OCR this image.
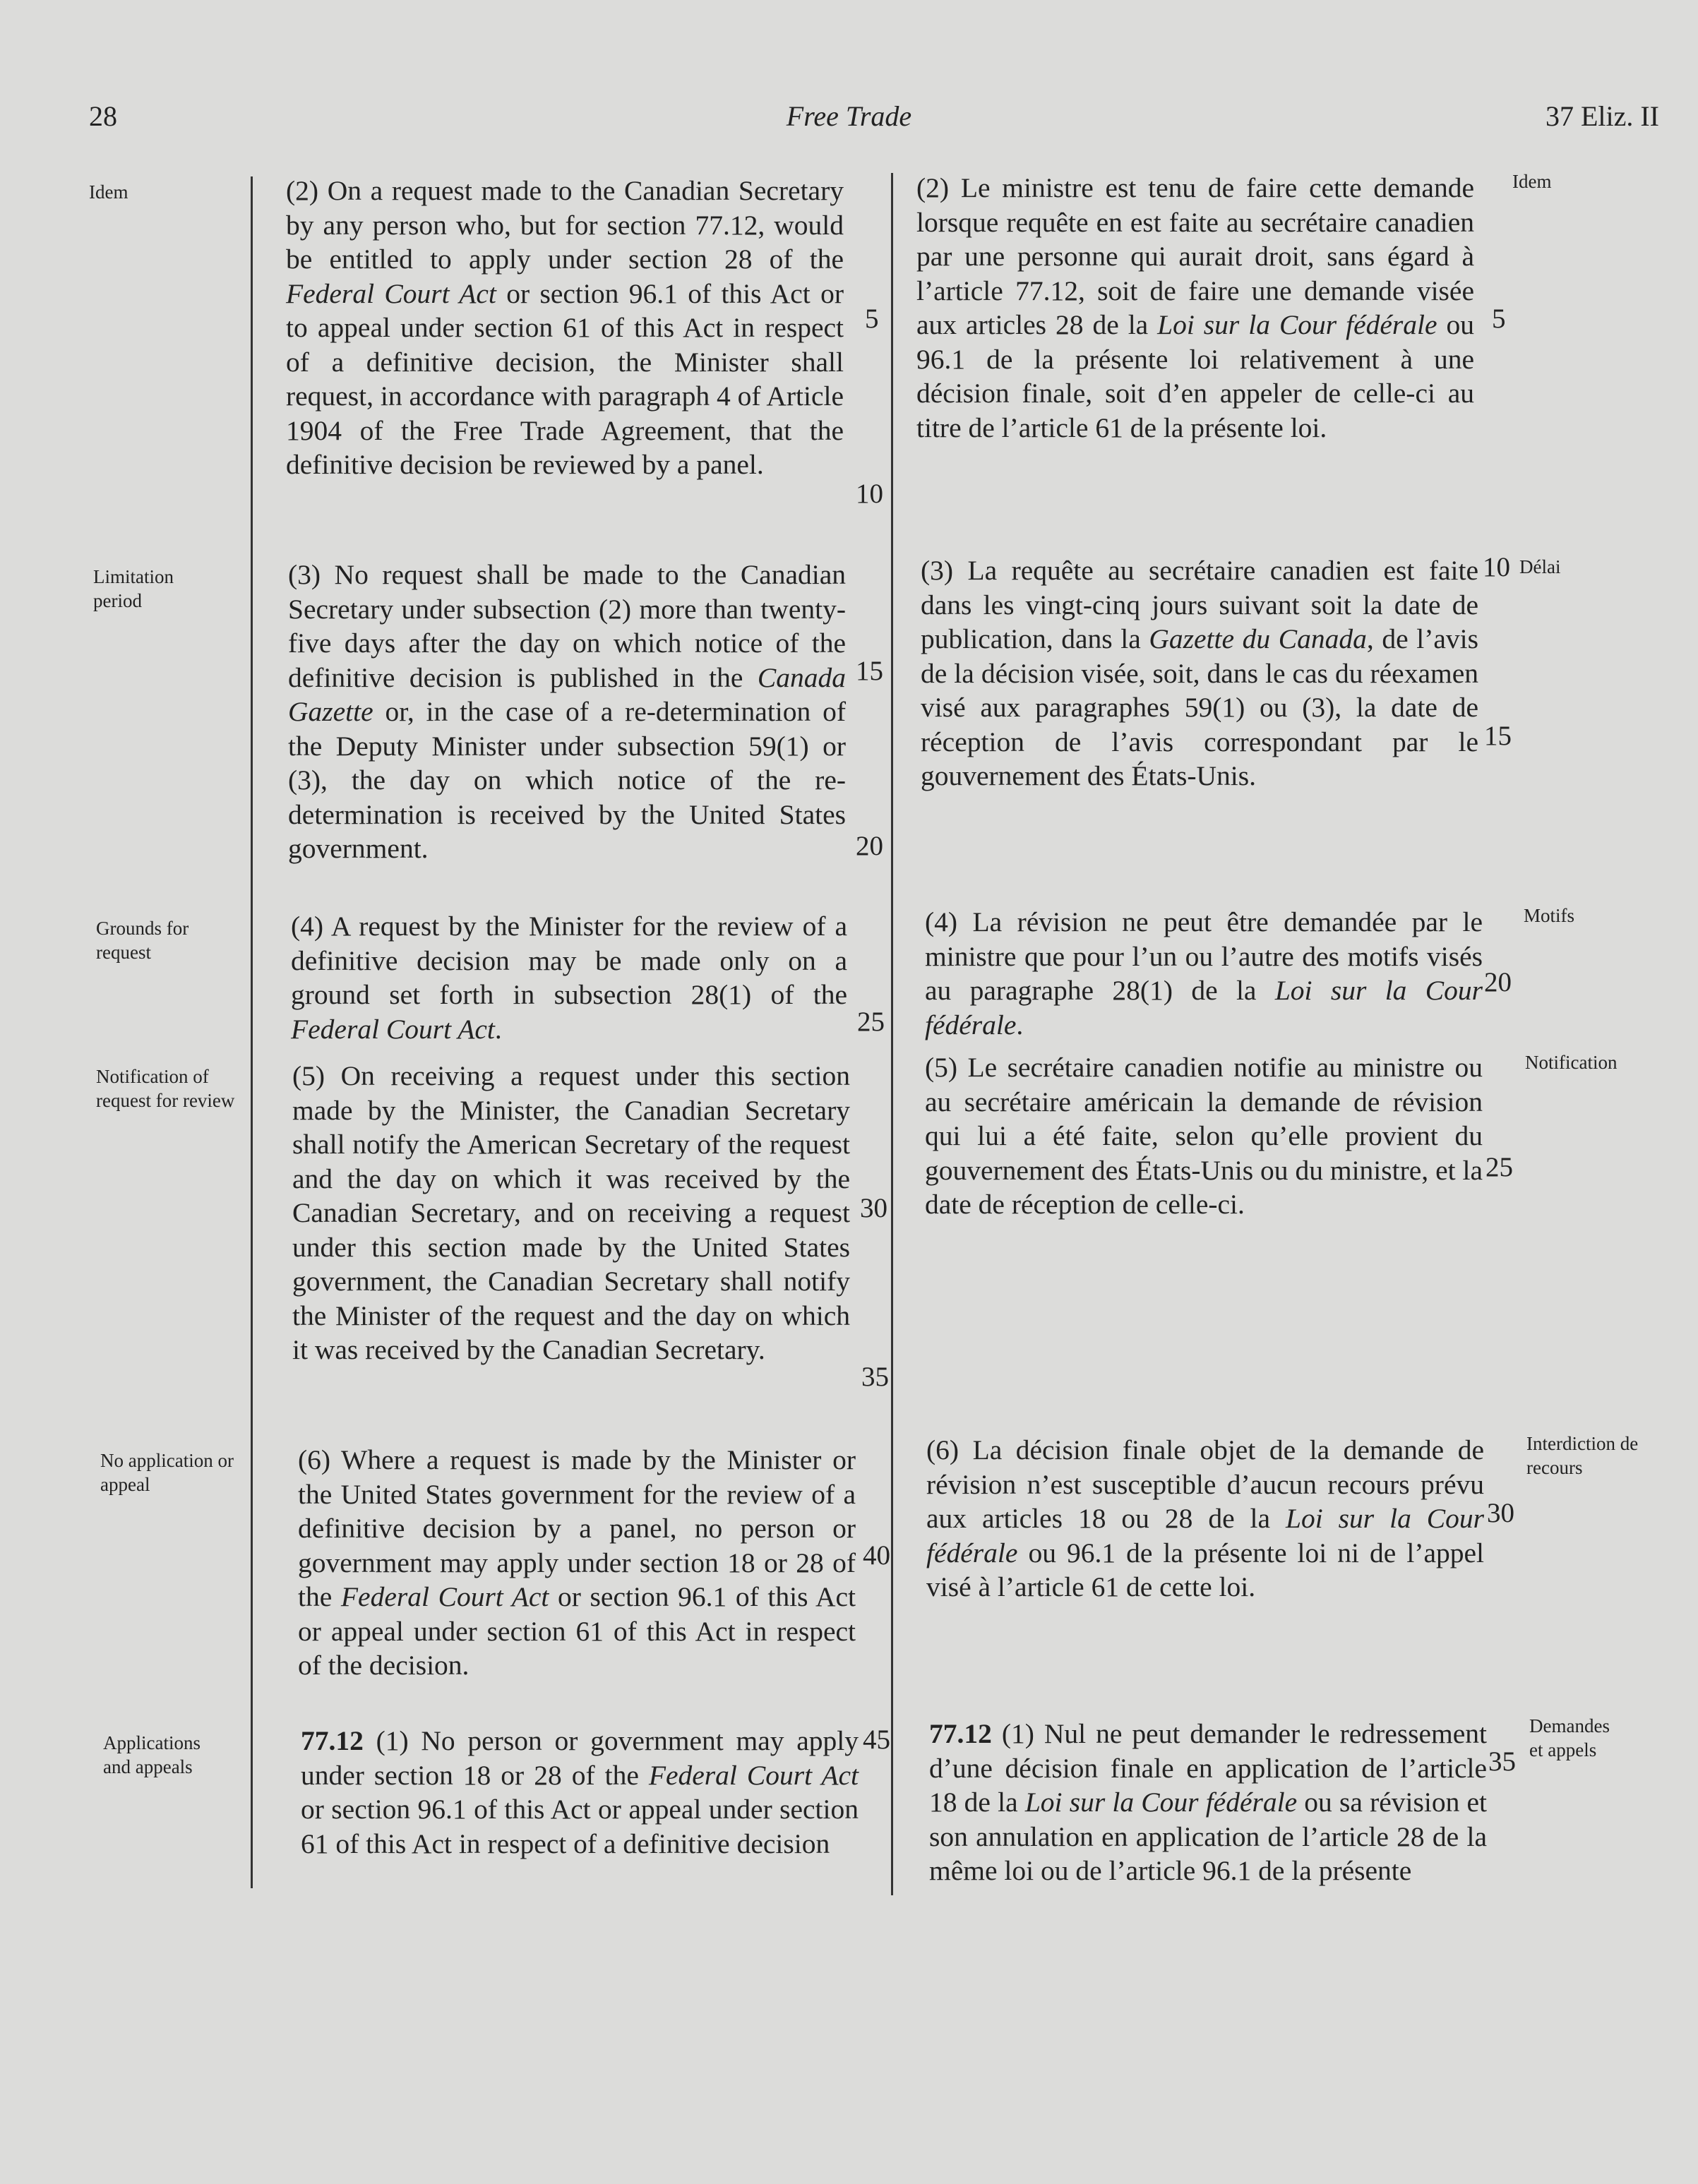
28	Free Trade	37 Eliz. II
Idem
Limitation period
Grounds for request
Notification of request for review
No application or appeal
Applications and appeals
(2) On a request made to the Canadian Secretary by any person who, but for section 77.12, would be entitled to apply under section 28 of the Federal Court Act or section 96.1 of this Act or to appeal under section 61 of this Act in respect of a definitive decision, the Minister shall request, in accordance with paragraph 4 of Article 1904 of the Free Trade Agreement, that the definitive decision be reviewed by a panel.
(3) No request shall be made to the Canadian Secretary under subsection (2) more than twenty-five days after the day on which notice of the definitive decision is published in the Canada Gazette or, in the case of a re-determination of the Deputy Minister under subsection 59(1) or (3), the day on which notice of the re-determination is received by the United States government.
(4) A request by the Minister for the review of a definitive decision may be made only on a ground set forth in subsection 28(1) of the Federal Court Act.
(5) On receiving a request under this section made by the Minister, the Canadian Secretary shall notify the American Secretary of the request and the day on which it was received by the Canadian Secretary, and on receiving a request under this section made by the United States government, the Canadian Secretary shall notify the Minister of the request and the day on which it was received by the Canadian Secretary.
(6) Where a request is made by the Minister or the United States government for the review of a definitive decision by a panel, no person or government may apply under section 18 or 28 of the Federal Court Act or section 96.1 of this Act or appeal under section 61 of this Act in respect of the decision.
77.12 (1) No person or government may apply under section 18 or 28 of the Federal Court Act or section 96.1 of this Act or appeal under section 61 of this Act in respect of a definitive decision
5
10
15
20
25
30
35
40
45
(2) Le ministre est tenu de faire cette demande lorsque requête en est faite au secrétaire canadien par une personne qui aurait droit, sans égard à l’article 77.12, soit de faire une demande visée aux articles 28 de la Loi sur la Cour fédérale ou 96.1 de la présente loi relativement à une décision finale, soit d’en appeler de celle-ci au titre de l’article 61 de la présente loi.
(3) La requête au secrétaire canadien est faite dans les vingt-cinq jours suivant soit la date de publication, dans la Gazette du Canada, de l’avis de la décision visée, soit, dans le cas du réexamen visé aux paragraphes 59(1) ou (3), la date de réception de l’avis correspondant par le gouvernement des États-Unis.
(4) La révision ne peut être demandée par le ministre que pour l’un ou l’autre des motifs visés au paragraphe 28(1) de la Loi sur la Cour fédérale.
(5) Le secrétaire canadien notifie au ministre ou au secrétaire américain la demande de révision qui lui a été faite, selon qu’elle provient du gouvernement des États-Unis ou du ministre, et la date de réception de celle-ci.
(6) La décision finale objet de la demande de révision n’est susceptible d’aucun recours prévu aux articles 18 ou 28 de la Loi sur la Cour fédérale ou 96.1 de la présente loi ni de l’appel visé à l’article 61 de cette loi.
77.12 (1) Nul ne peut demander le redressement d’une décision finale en application de l’article 18 de la Loi sur la Cour fédérale ou sa révision et son annulation en application de l’article 28 de la même loi ou de l’article 96.1 de la présente
5
10
15
20
25
30
35
Idem
Délai
Motifs
Notification
Interdiction de recours
Demandes et appels
